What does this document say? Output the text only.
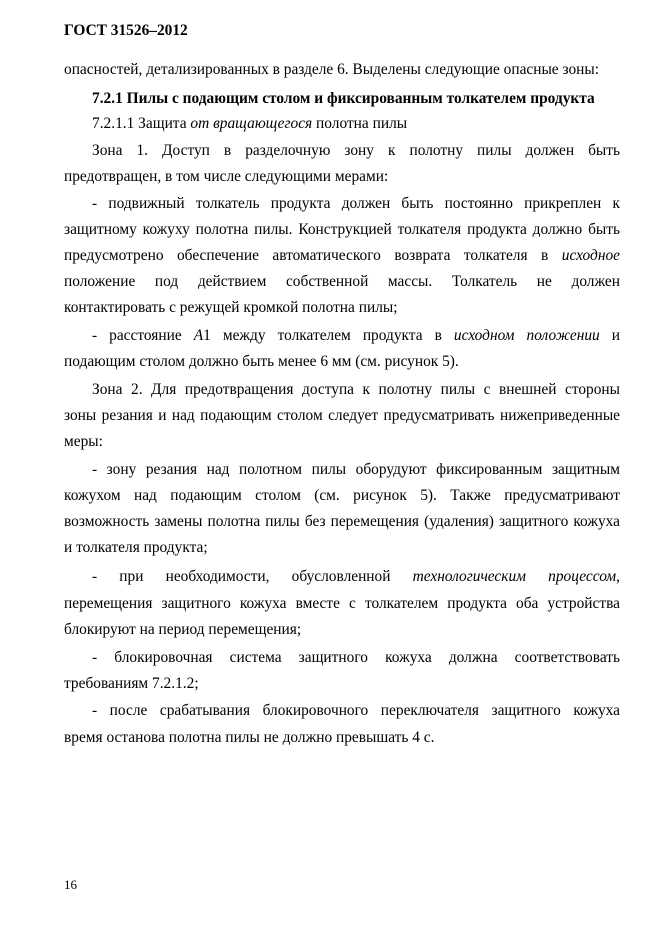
ГОСТ 31526–2012
опасностей, детализированных в разделе 6. Выделены следующие опасные зоны:
7.2.1 Пилы с подающим столом и фиксированным толкателем продукта
7.2.1.1 Защита от вращающегося полотна пилы
Зона 1. Доступ в разделочную зону к полотну пилы должен быть
предотвращен, в том числе следующими мерами:
- подвижный толкатель продукта должен быть постоянно прикреплен к
защитному кожуху полотна пилы. Конструкцией толкателя продукта должно быть
предусмотрено обеспечение автоматического возврата толкателя в исходное
положение под действием собственной массы. Толкатель не должен
контактировать с режущей кромкой полотна пилы;
- расстояние A1 между толкателем продукта в исходном положении и
подающим столом должно быть менее 6 мм (см. рисунок 5).
Зона 2. Для предотвращения доступа к полотну пилы с внешней стороны
зоны резания и над подающим столом следует предусматривать нижеприведенные
меры:
- зону резания над полотном пилы оборудуют фиксированным защитным
кожухом над подающим столом (см. рисунок 5). Также предусматривают
возможность замены полотна пилы без перемещения (удаления) защитного кожуха
и толкателя продукта;
- при необходимости, обусловленной технологическим процессом,
перемещения защитного кожуха вместе с толкателем продукта оба устройства
блокируют на период перемещения;
- блокировочная система защитного кожуха должна соответствовать
требованиям 7.2.1.2;
- после срабатывания блокировочного переключателя защитного кожуха
время останова полотна пилы не должно превышать 4 с.
16
